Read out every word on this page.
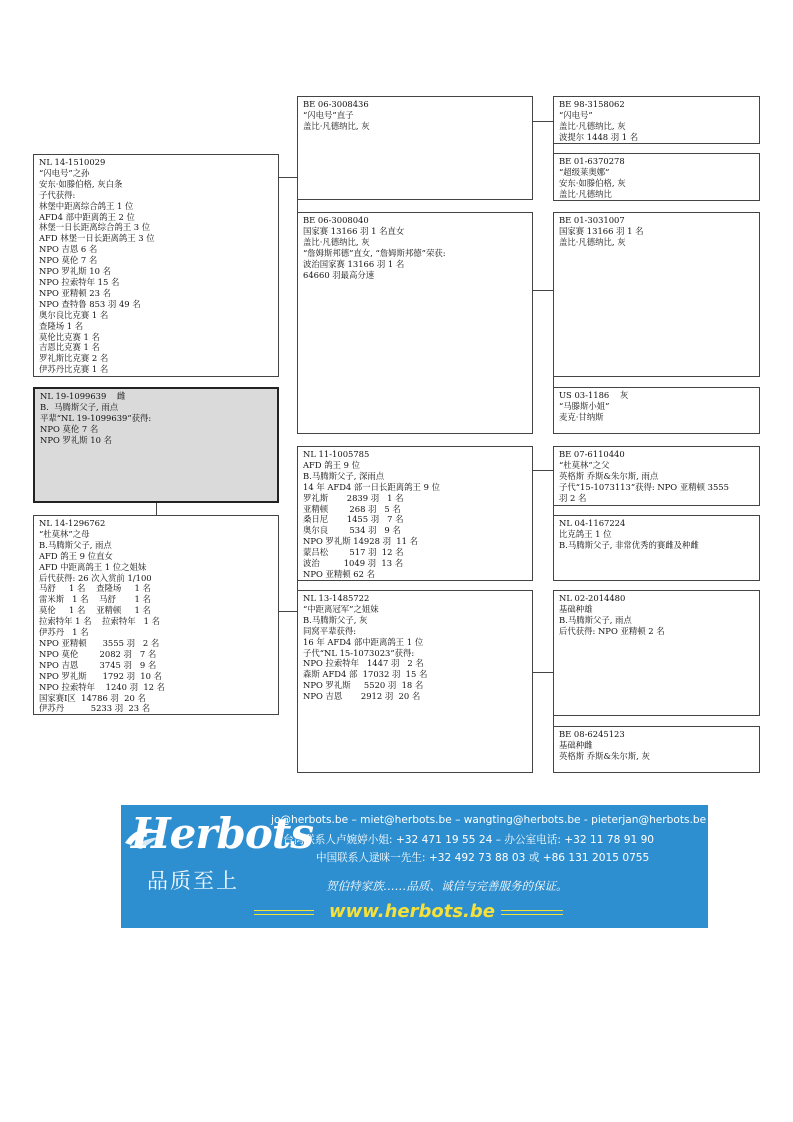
NL 14-1510029
“闪电号”之孙
安东·如滕伯格, 灰白条
子代获得:
林堡中距离综合鸽王 1 位
AFD4 部中距离鸽王 2 位
林堡一日长距离综合鸽王 3 位
AFD 林堡一日长距离鸽王 3 位
NPO 吉恩 6 名
NPO 莫伦 7 名
NPO 罗礼斯 10 名
NPO 拉索特年 15 名
NPO 亚精顿 23 名
NPO 查特鲁 853 羽 49 名
奥尔良比克赛 1 名
查隆场 1 名
莫伦比克赛 1 名
吉恩比克赛 1 名
罗礼斯比克赛 2 名
伊苏丹比克赛 1 名
NL 19-1099639    雌
B.  马腾斯父子, 雨点
平辈“NL 19-1099639”获得:
NPO 莫伦 7 名
NPO 罗礼斯 10 名
NL 14-1296762
“杜莫林”之母
B.马腾斯父子, 雨点
AFD 鸽王 9 位直女
AFD 中距离鸽王 1 位之姐妹
后代获得: 26 次入赏前 1/100
马舒     1 名    查隆场     1 名
雷米斯   1 名    马舒       1 名
莫伦     1 名    亚精顿     1 名
拉索特年 1 名    拉索特年   1 名
伊苏丹   1 名
NPO 亚精顿      3555 羽   2 名
NPO 莫伦        2082 羽   7 名
NPO 吉恩        3745 羽   9 名
NPO 罗礼斯      1792 羽  10 名
NPO 拉索特年    1240 羽  12 名
国家赛Ⅰ区  14786 羽  20 名
伊苏丹          5233 羽  23 名
BE 06-3008436
“闪电号”直子
盖比·凡德纳比, 灰
BE 06-3008040
国家赛 13166 羽 1 名直女
盖比·凡德纳比, 灰
“詹姆斯邦德”直女, “詹姆斯邦德”荣获:
波治国家赛 13166 羽 1 名
64660 羽最高分速
NL 11-1005785
AFD 鸽王 9 位
B.马腾斯父子, 深雨点
14 年 AFD4 部一日长距离鸽王 9 位
罗礼斯       2839 羽   1 名
亚精顿        268 羽   5 名
桑日尼       1455 羽   7 名
奥尔良        534 羽   9 名
NPO 罗礼斯 14928 羽  11 名
蒙吕松        517 羽  12 名
波治         1049 羽  13 名
NPO 亚精顿 62 名
NL 13-1485722
“中距离冠军”之姐妹
B.马腾斯父子, 灰
同窝平辈获得:
16 年 AFD4 部中距离鸽王 1 位
子代“NL 15-1073023”获得:
NPO 拉索特年   1447 羽   2 名
森斯 AFD4 部  17032 羽  15 名
NPO 罗礼斯     5520 羽  18 名
NPO 吉恩       2912 羽  20 名
BE 98-3158062
“闪电号”
盖比·凡德纳比, 灰
波提尔 1448 羽 1 名
BE 01-6370278
“超级莱奥娜”
安东·如滕伯格, 灰
盖比·凡德纳比
BE 01-3031007
国家赛 13166 羽 1 名
盖比·凡德纳比, 灰
US 03-1186    灰
“马滕斯小姐”
麦克·甘纳斯
BE 07-6110440
“杜莫林”之父
英格斯 乔斯&朱尔斯, 雨点
子代“15-1073113”获得: NPO 亚精顿 3555
羽 2 名
NL 04-1167224
比克鸽王 1 位
B.马腾斯父子, 非常优秀的赛雌及种雌
NL 02-2014480
基础种雄
B.马腾斯父子, 雨点
后代获得: NPO 亚精顿 2 名
BE 08-6245123
基础种雌
英格斯 乔斯&朱尔斯, 灰
Herbots
品质至上
jo@herbots.be – miet@herbots.be – wangting@herbots.be - pieterjan@herbots.be
台湾联系人卢婉婷小姐: +32 471 19 55 24 – 办公室电话: +32 11 78 91 90
中国联系人逯咪一先生: +32 492 73 88 03 或 +86 131 2015 0755
贺伯特家族……品质、诚信与完善服务的保证。
www.herbots.be
